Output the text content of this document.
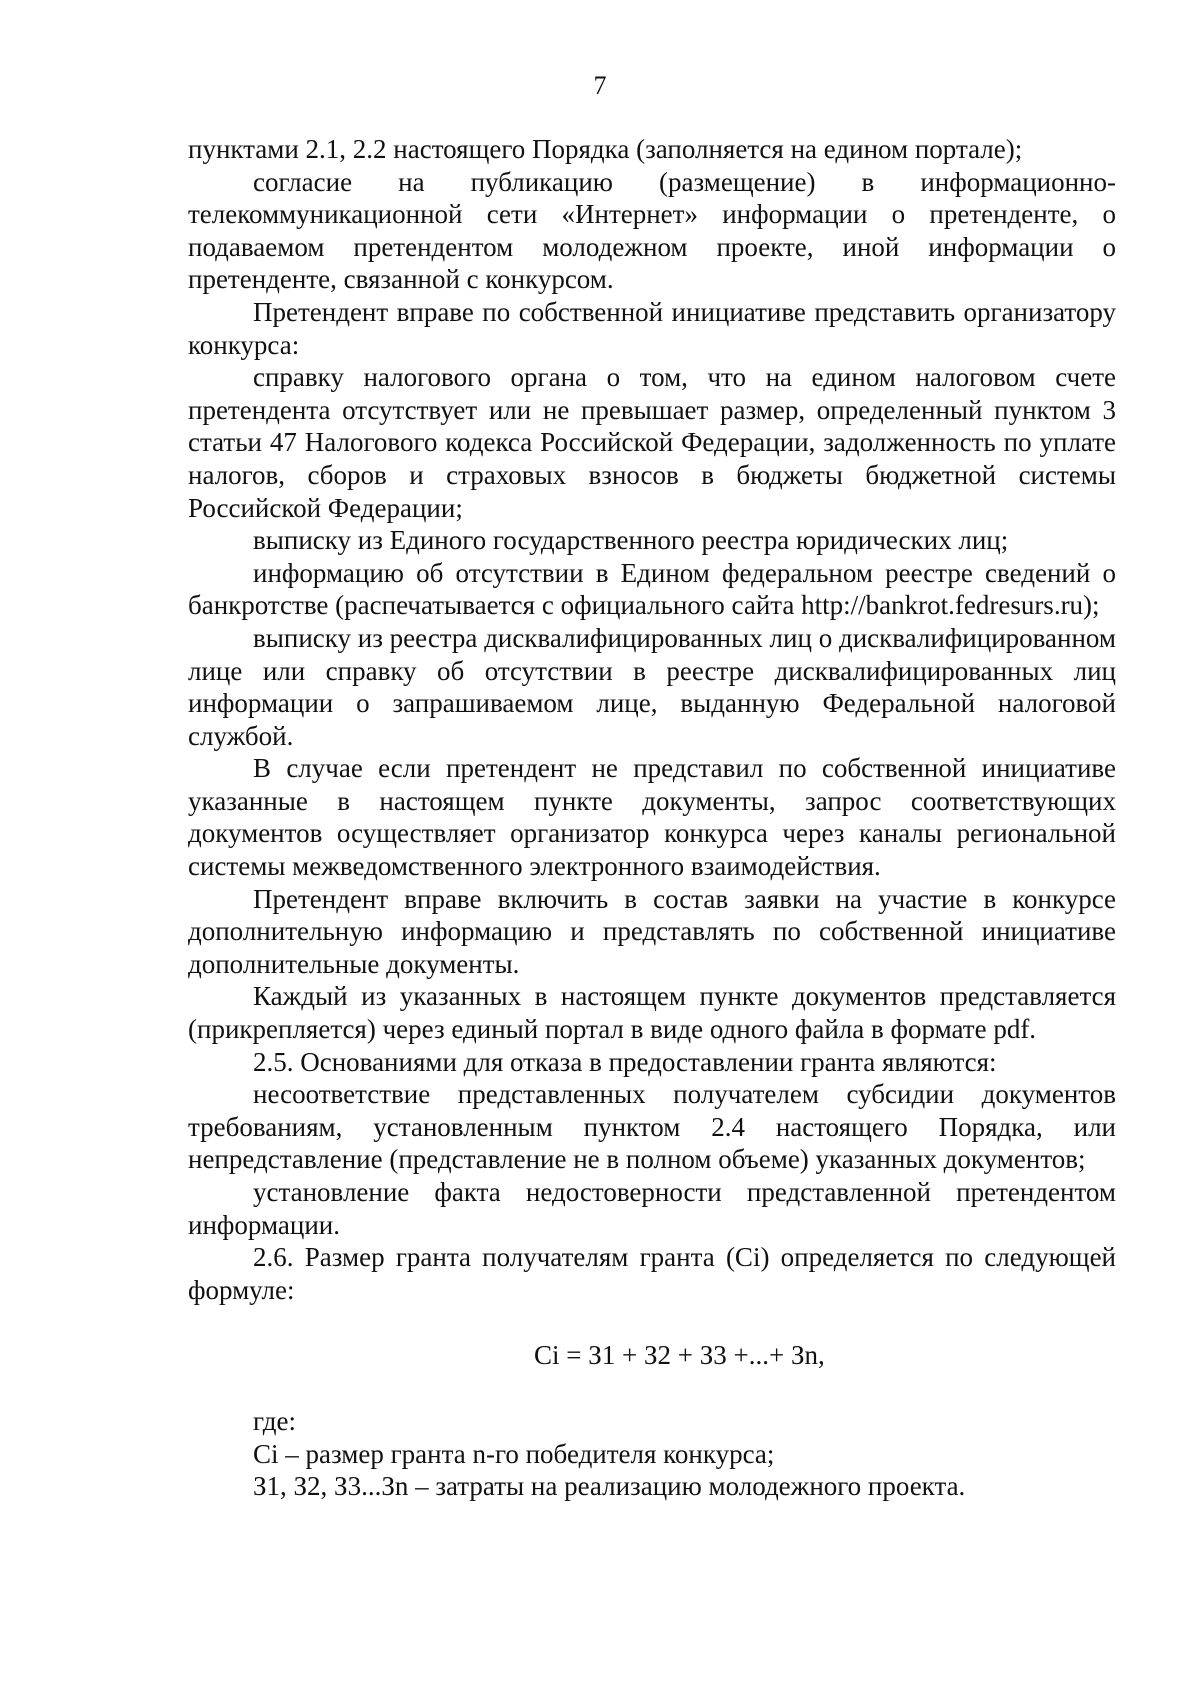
7

пунктами 2.1, 2.2 настоящего Порядка (заполняется на едином портале);

согласие на публикацию (размещение) в информационно-телекоммуникационной сети «Интернет» информации о претенденте, о подаваемом претендентом молодежном проекте, иной информации о претенденте, связанной с конкурсом.

Претендент вправе по собственной инициативе представить организатору конкурса:

справку налогового органа о том, что на едином налоговом счете претендента отсутствует или не превышает размер, определенный пунктом 3 статьи 47 Налогового кодекса Российской Федерации, задолженность по уплате налогов, сборов и страховых взносов в бюджеты бюджетной системы Российской Федерации;

выписку из Единого государственного реестра юридических лиц;

информацию об отсутствии в Едином федеральном реестре сведений о банкротстве (распечатывается с официального сайта http://bankrot.fedresurs.ru);

выписку из реестра дисквалифицированных лиц о дисквалифицированном лице или справку об отсутствии в реестре дисквалифицированных лиц информации о запрашиваемом лице, выданную Федеральной налоговой службой.

В случае если претендент не представил по собственной инициативе указанные в настоящем пункте документы, запрос соответствующих документов осуществляет организатор конкурса через каналы региональной системы межведомственного электронного взаимодействия.

Претендент вправе включить в состав заявки на участие в конкурсе дополнительную информацию и представлять по собственной инициативе дополнительные документы.

Каждый из указанных в настоящем пункте документов представляется (прикрепляется) через единый портал в виде одного файла в формате pdf.

2.5. Основаниями для отказа в предоставлении гранта являются:

несоответствие представленных получателем субсидии документов требованиям, установленным пунктом 2.4 настоящего Порядка, или непредставление (представление не в полном объеме) указанных документов;

установление факта недостоверности представленной претендентом информации.

2.6. Размер гранта получателям гранта (Ci) определяется по следующей формуле:

Ci = З1 + З2 + З3 +...+ Зn,

где:

Ci – размер гранта n-го победителя конкурса;

З1, З2, З3...Зn – затраты на реализацию молодежного проекта.
